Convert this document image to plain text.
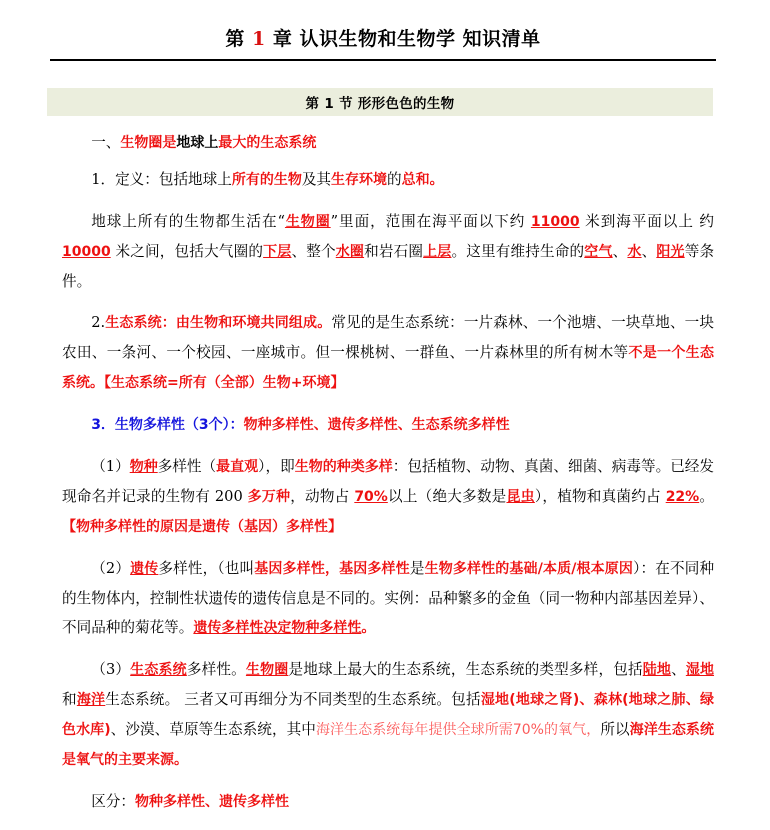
第 1 章 认识生物和生物学 知识清单
第 1 节 形形色色的生物

一、生物圈是地球上最大的生态系统

1．定义：包括地球上所有的生物及其生存环境的总和。

地球上所有的生物都生活在“生物圈”里面，范围在海平面以下约 11000 米到海平面以上 约 10000 米之间，包括大气圈的下层、整个水圈和岩石圈上层。这里有维持生命的空气、水、阳光等条件。

2.生态系统：由生物和环境共同组成。常见的是生态系统：一片森林、一个池塘、一块草地、一块农田、一条河、一个校园、一座城市。但一棵桃树、一群鱼、一片森林里的所有树木等不是一个生态系统。【生态系统=所有（全部）生物+环境】

3．生物多样性（3个）：物种多样性、遗传多样性、生态系统多样性

（1）物种多样性（最直观），即生物的种类多样：包括植物、动物、真菌、细菌、病毒等。已经发现命名并记录的生物有 200 多万种，动物占 70%以上（绝大多数是昆虫），植物和真菌约占 22%。【物种多样性的原因是遗传（基因）多样性】

（2）遗传多样性，（也叫基因多样性，基因多样性是生物多样性的基础/本质/根本原因）：在不同种的生物体内，控制性状遗传的遗传信息是不同的。实例：品种繁多的金鱼（同一物种内部基因差异）、不同品种的菊花等。遗传多样性决定物种多样性。

（3）生态系统多样性。生物圈是地球上最大的生态系统，生态系统的类型多样，包括陆地、湿地和海洋生态系统。 三者又可再细分为不同类型的生态系统。包括湿地(地球之肾)、森林(地球之肺、绿色水库)、沙漠、草原等生态系统，其中海洋生态系统每年提供全球所需70%的氧气，所以海洋生态系统是氧气的主要来源。

区分：物种多样性、遗传多样性
